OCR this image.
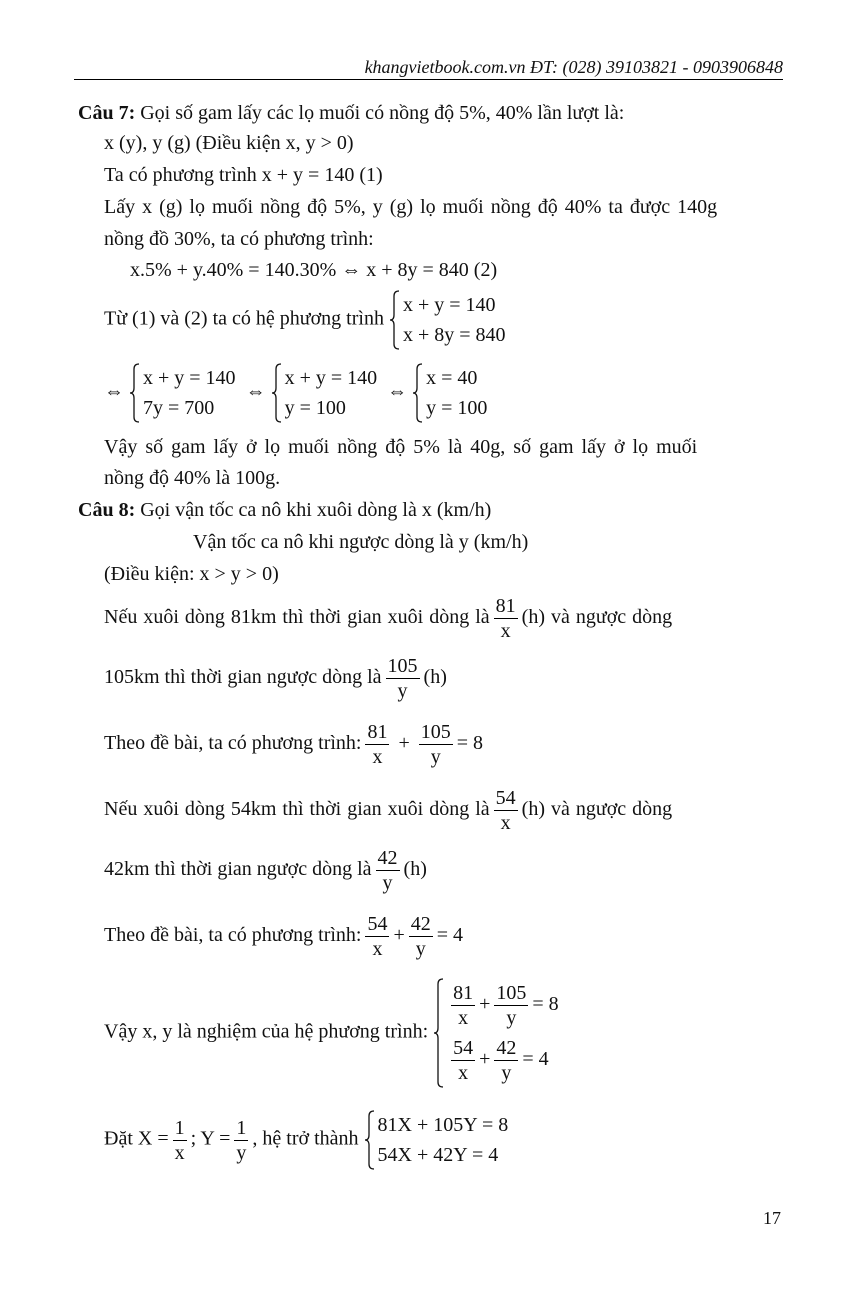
khangvietbook.com.vn ĐT: (028) 39103821 - 0903906848
Câu 7: Gọi số gam lấy các lọ muối có nồng độ 5%, 40% lần lượt là:
x (y), y (g) (Điều kiện x, y > 0)
Ta có phương trình x + y = 140 (1)
Lấy x (g) lọ muối nồng độ 5%, y (g) lọ muối nồng độ 40% ta được 140g
nồng đồ 30%, ta có phương trình:
x.5% + y.40% = 140.30% ⇔ x + 8y = 840 (2)
Từ (1) và (2) ta có hệ phương trình
x + y = 140
x + 8y = 840
⇔
x + y = 140
7y = 700
⇔
x + y = 140
y = 100
⇔
x = 40
y = 100
Vậy số gam lấy ở lọ muối nồng độ 5% là 40g, số gam lấy ở lọ muối
nồng độ 40% là 100g.
Câu 8: Gọi vận tốc ca nô khi xuôi dòng là x (km/h)
Vận tốc ca nô khi ngược dòng là y (km/h)
(Điều kiện: x > y > 0)
Nếu xuôi dòng 81km thì thời gian xuôi dòng là $\frac{81}{x} (h)$ và ngược dòng
105km thì thời gian ngược dòng là $\frac{105}{y} (h)$
Theo đề bài, ta có phương trình: $\frac{81}{x} + \frac{105}{y} = 8$
Nếu xuôi dòng 54km thì thời gian xuôi dòng là $\frac{54}{x} (h)$ và ngược dòng
42km thì thời gian ngược dòng là $\frac{42}{y} (h)$
Theo đề bài, ta có phương trình: $\frac{54}{x} + \frac{42}{y} = 4$
Vậy x, y là nghiệm của hệ phương trình:
$\frac{81}{x} + \frac{105}{y} = 8$
$\frac{54}{x} + \frac{42}{y} = 4$
Đặt $X = \frac{1}{x}$ ; $Y = \frac{1}{y}$ , hệ trở thành
81X + 105Y = 8
54X + 42Y = 4
17
